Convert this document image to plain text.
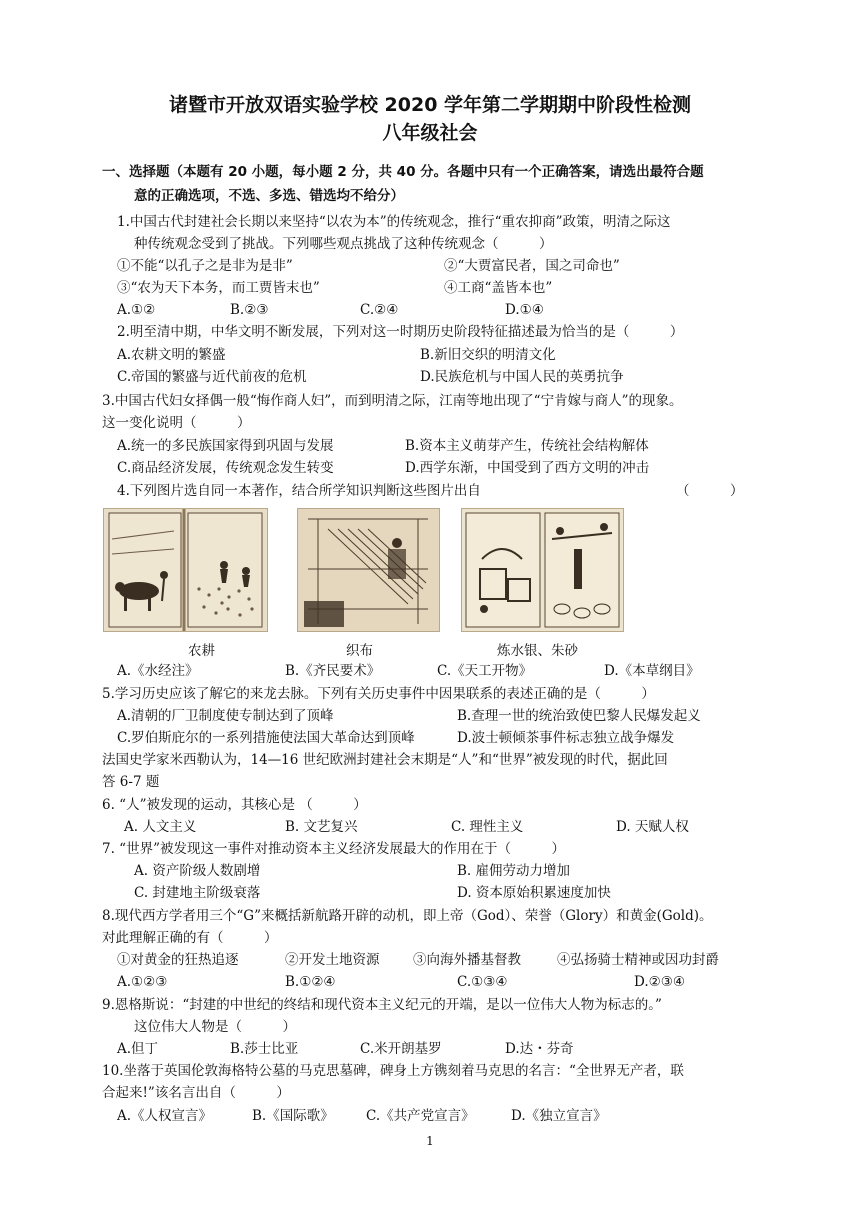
诸暨市开放双语实验学校 2020 学年第二学期期中阶段性检测
八年级社会
一、选择题（本题有 20 小题，每小题 2 分，共 40 分。各题中只有一个正确答案，请选出最符合题
意的正确选项，不选、多选、错选均不给分）
1.中国古代封建社会长期以来坚持“以农为本”的传统观念，推行“重农抑商”政策，明清之际这
种传统观念受到了挑战。下列哪些观点挑战了这种传统观念（　　　）
①不能“以孔子之是非为是非”	②“大贾富民者，国之司命也”
③“农为天下本务，而工贾皆末也”	④工商“盖皆本也”
A.①②	B.②③	C.②④	D.①④
2.明至清中期，中华文明不断发展，下列对这一时期历史阶段特征描述最为恰当的是（　　　）
A.农耕文明的繁盛	B.新旧交织的明清文化
C.帝国的繁盛与近代前夜的危机	D.民族危机与中国人民的英勇抗争
3.中国古代妇女择偶一般“悔作商人妇”，而到明清之际，江南等地出现了“宁肯嫁与商人”的现象。
这一变化说明（　　　）
A.统一的多民族国家得到巩固与发展	B.资本主义萌芽产生，传统社会结构解体
C.商品经济发展，传统观念发生转变	D.西学东渐，中国受到了西方文明的冲击
4.下列图片选自同一本著作，结合所学知识判断这些图片出自	（　　　）
农耕	织布	炼水银、朱砂
A.《水经注》	B.《齐民要术》	C.《天工开物》	D.《本草纲目》
5.学习历史应该了解它的来龙去脉。下列有关历史事件中因果联系的表述正确的是（　　　）
A.清朝的厂卫制度使专制达到了顶峰	B.查理一世的统治致使巴黎人民爆发起义
C.罗伯斯庇尔的一系列措施使法国大革命达到顶峰	D.波士顿倾茶事件标志独立战争爆发
法国史学家米西勒认为，14—16 世纪欧洲封建社会末期是“人”和“世界”被发现的时代，据此回
答 6-7 题
6. “人”被发现的运动，其核心是 （　　　）
A. 人文主义	B. 文艺复兴	C. 理性主义	D. 天赋人权
7. “世界”被发现这一事件对推动资本主义经济发展最大的作用在于（　　　）
A. 资产阶级人数剧增	B. 雇佣劳动力增加
C. 封建地主阶级衰落	D. 资本原始积累速度加快
8.现代西方学者用三个“G”来概括新航路开辟的动机，即上帝（God）、荣誉（Glory）和黄金(Gold)。
对此理解正确的有（　　　）
①对黄金的狂热追逐	②开发土地资源 ③向海外播基督教	④弘扬骑士精神或因功封爵
A.①②③	B.①②④	C.①③④	D.②③④
9.恩格斯说：“封建的中世纪的终结和现代资本主义纪元的开端，是以一位伟大人物为标志的。”
这位伟大人物是（　　　）
A.但丁	B.莎士比亚	C.米开朗基罗	D.达・芬奇
10.坐落于英国伦敦海格特公墓的马克思墓碑，碑身上方镌刻着马克思的名言：“全世界无产者，联
合起来!”该名言出自（　　　）
A.《人权宣言》	B.《国际歌》 C.《共产党宣言》	D.《独立宣言》
1
